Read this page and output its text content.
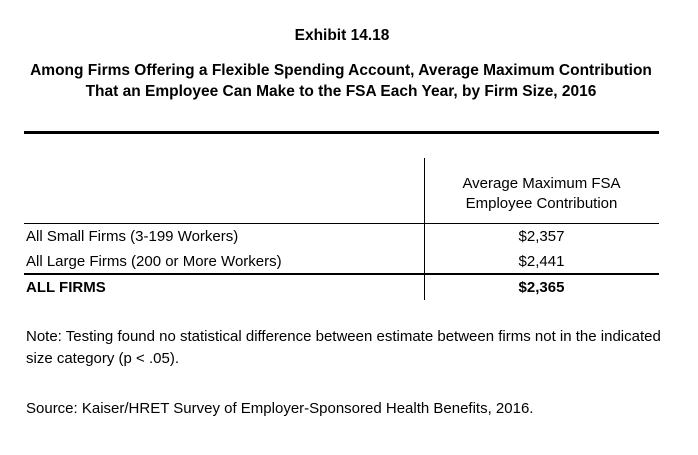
Exhibit 14.18
Among Firms Offering a Flexible Spending Account, Average Maximum Contribution That an Employee Can Make to the FSA Each Year, by Firm Size, 2016
Average Maximum FSA
Employee Contribution
All Small Firms (3-199 Workers)	$2,357
All Large Firms (200 or More Workers)	$2,441
ALL FIRMS	$2,365
Note: Testing found no statistical difference between estimate between firms not in the indicated size category (p < .05).
Source: Kaiser/HRET Survey of Employer-Sponsored Health Benefits, 2016.
